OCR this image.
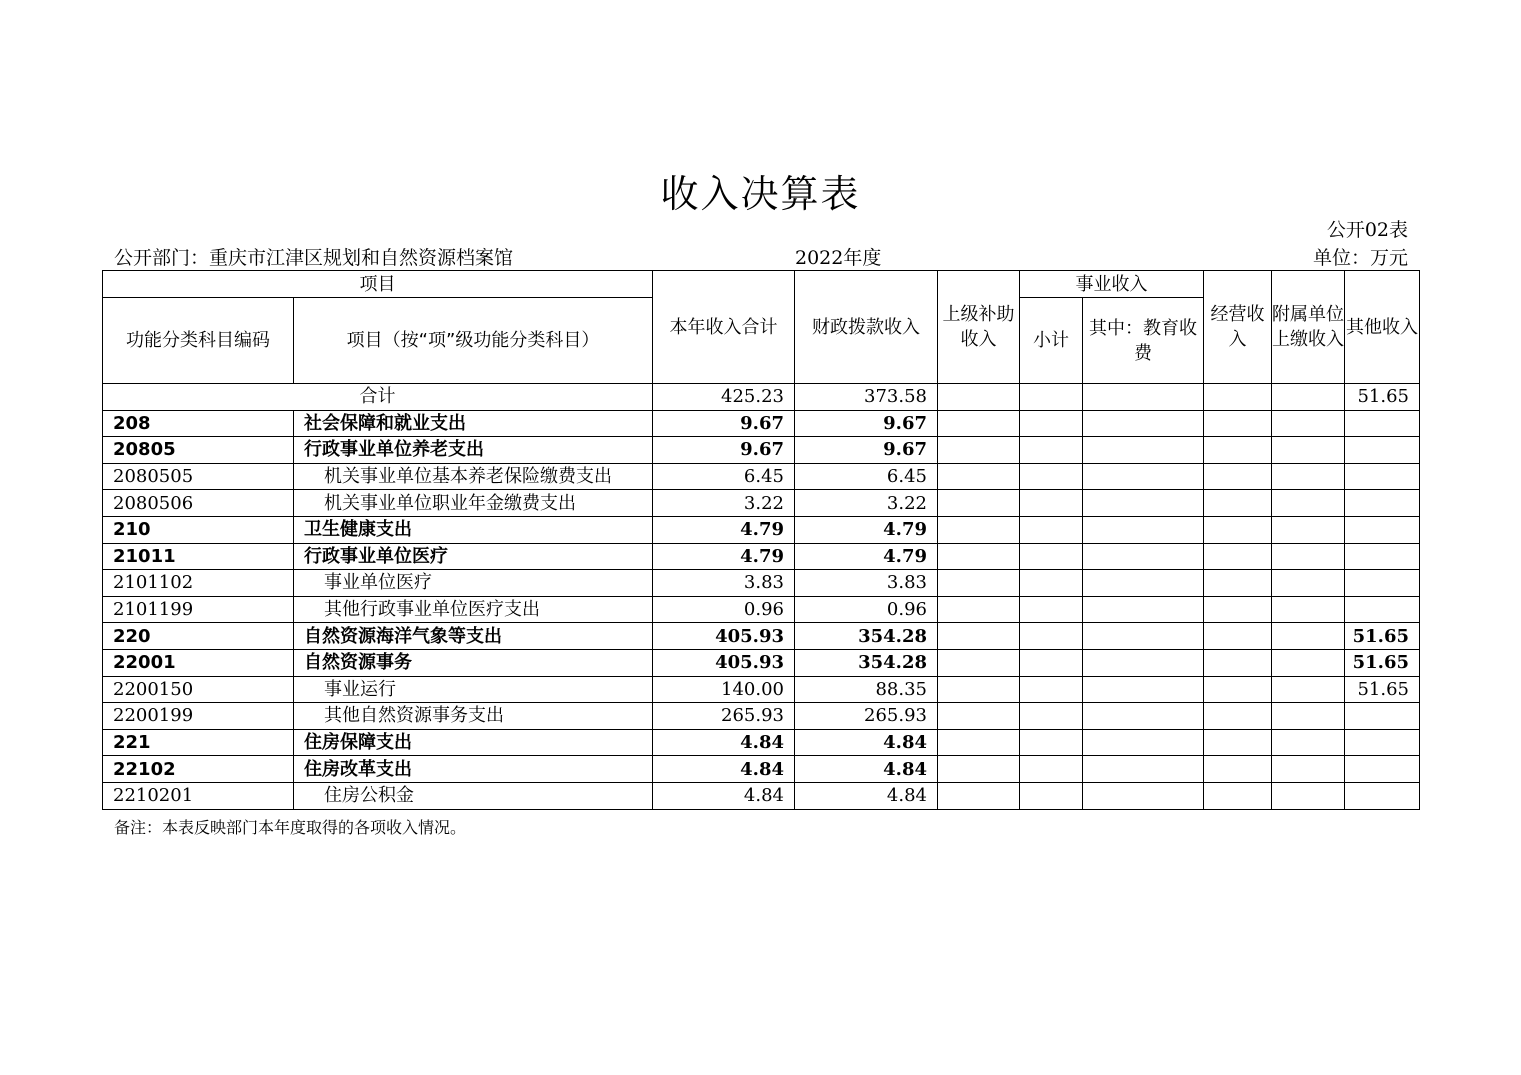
收入决算表
公开02表
公开部门：重庆市江津区规划和自然资源档案馆	2022年度	单位：万元
项目		本年收入合计	财政拨款收入	上级补助收入	事业收入		经营收入	附属单位上缴收入	其他收入
功能分类科目编码	项目（按“项”级功能分类科目）				小计	其中：教育收费			
合计		425.23	373.58						51.65
208	社会保障和就业支出	9.67	9.67						
20805	行政事业单位养老支出	9.67	9.67						
2080505	机关事业单位基本养老保险缴费支出	6.45	6.45						
2080506	机关事业单位职业年金缴费支出	3.22	3.22						
210	卫生健康支出	4.79	4.79						
21011	行政事业单位医疗	4.79	4.79						
2101102	事业单位医疗	3.83	3.83						
2101199	其他行政事业单位医疗支出	0.96	0.96						
220	自然资源海洋气象等支出	405.93	354.28						51.65
22001	自然资源事务	405.93	354.28						51.65
2200150	事业运行	140.00	88.35						51.65
2200199	其他自然资源事务支出	265.93	265.93						
221	住房保障支出	4.84	4.84						
22102	住房改革支出	4.84	4.84						
2210201	住房公积金	4.84	4.84						
备注：本表反映部门本年度取得的各项收入情况。
